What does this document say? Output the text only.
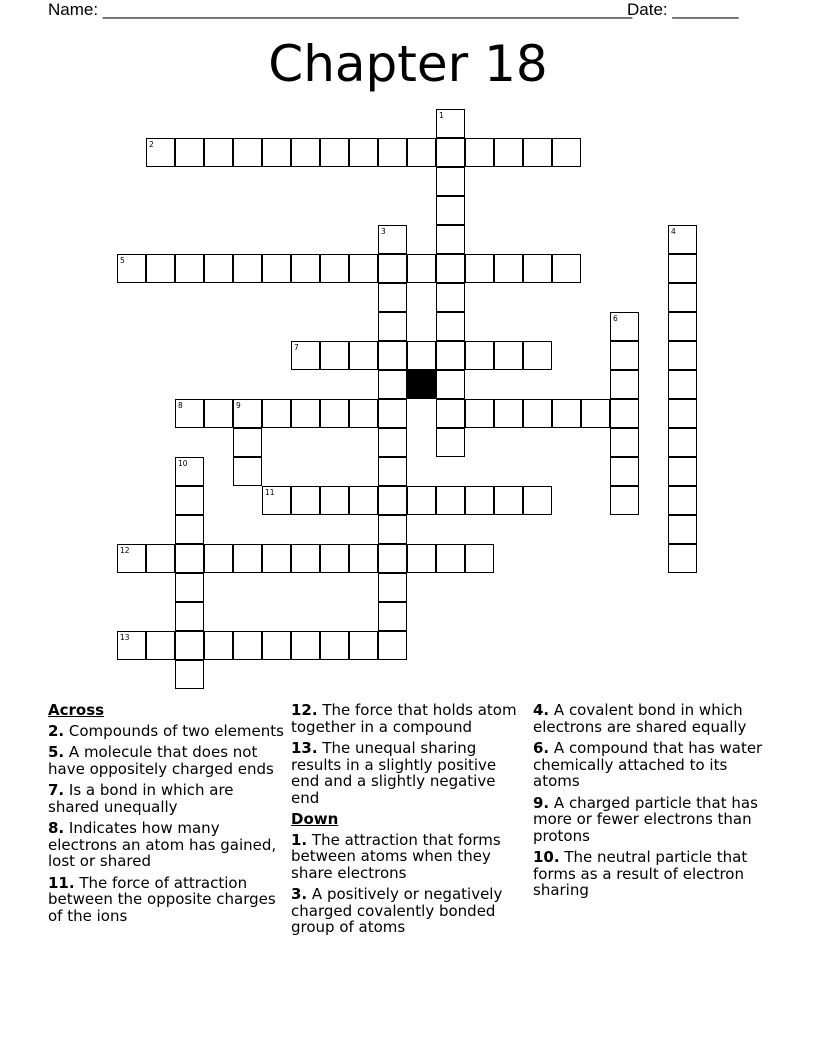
Name: ________________________________________________________
Date: _______
Chapter 18
1
2
3	4
5
6
7
8	9
10
11
12
13
Across
2. Compounds of two elements
5. A molecule that does not have oppositely charged ends
7. Is a bond in which are shared unequally
8. Indicates how many electrons an atom has gained, lost or shared
11. The force of attraction between the opposite charges of the ions
12. The force that holds atom together in a compound
13. The unequal sharing results in a slightly positive end and a slightly negative end
Down
1. The attraction that forms between atoms when they share electrons
3. A positively or negatively charged covalently bonded group of atoms
4. A covalent bond in which electrons are shared equally
6. A compound that has water chemically attached to its atoms
9. A charged particle that has more or fewer electrons than protons
10. The neutral particle that forms as a result of electron sharing
